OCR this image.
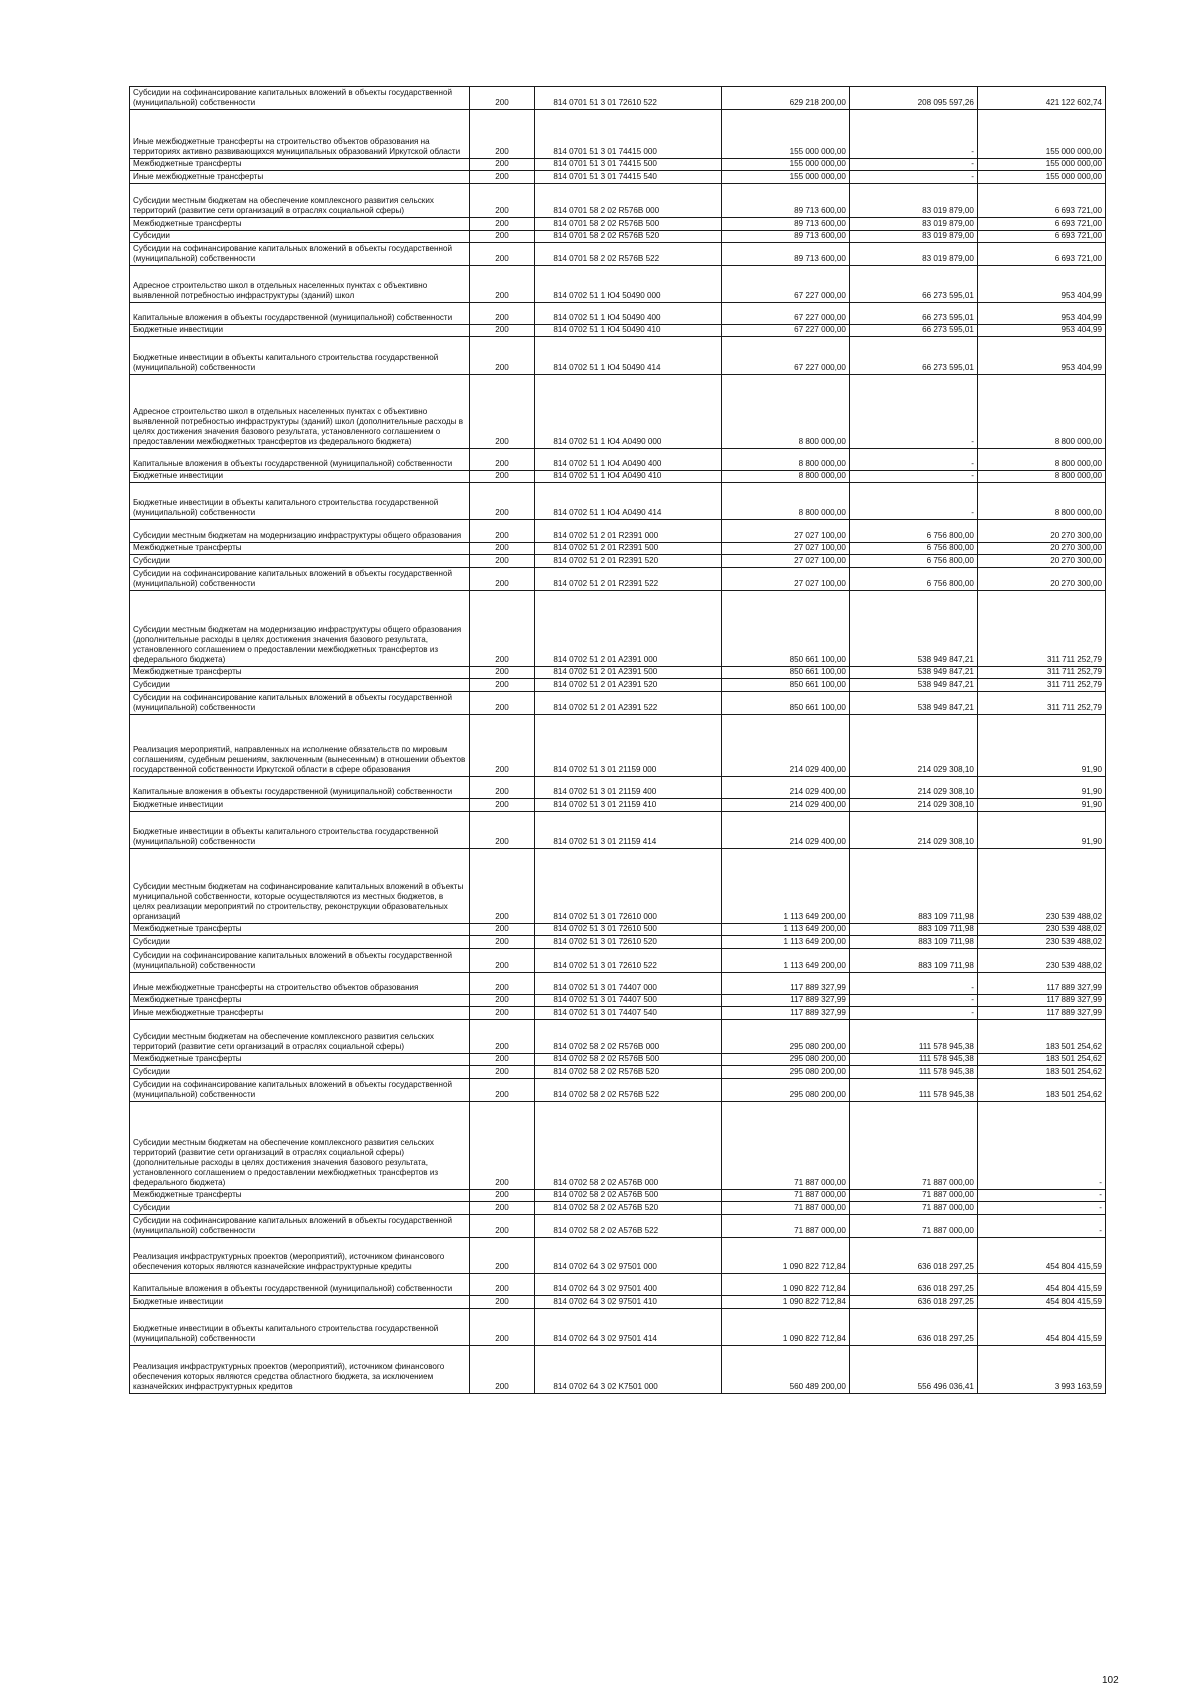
Субсидии на софинансирование капитальных вложений в объекты государственной (муниципальной) собственности	200	814 0701 51 3 01 72610 522	629 218 200,00	208 095 597,26	421 122 602,74
Иные межбюджетные трансферты на строительство объектов образования на территориях активно развивающихся муниципальных образований Иркутской области	200	814 0701 51 3 01 74415 000	155 000 000,00	-	155 000 000,00
Межбюджетные трансферты	200	814 0701 51 3 01 74415 500	155 000 000,00	-	155 000 000,00
Иные межбюджетные трансферты	200	814 0701 51 3 01 74415 540	155 000 000,00	-	155 000 000,00
Субсидии местным бюджетам на обеспечение комплексного развития сельских территорий (развитие сети организаций в отраслях социальной сферы)	200	814 0701 58 2 02 R576B 000	89 713 600,00	83 019 879,00	6 693 721,00
Межбюджетные трансферты	200	814 0701 58 2 02 R576B 500	89 713 600,00	83 019 879,00	6 693 721,00
Субсидии	200	814 0701 58 2 02 R576B 520	89 713 600,00	83 019 879,00	6 693 721,00
Субсидии на софинансирование капитальных вложений в объекты государственной (муниципальной) собственности	200	814 0701 58 2 02 R576B 522	89 713 600,00	83 019 879,00	6 693 721,00
Адресное строительство школ в отдельных населенных пунктах с объективно выявленной потребностью инфраструктуры (зданий) школ	200	814 0702 51 1 Ю4 50490 000	67 227 000,00	66 273 595,01	953 404,99
Капитальные вложения в объекты государственной (муниципальной) собственности	200	814 0702 51 1 Ю4 50490 400	67 227 000,00	66 273 595,01	953 404,99
Бюджетные инвестиции	200	814 0702 51 1 Ю4 50490 410	67 227 000,00	66 273 595,01	953 404,99
Бюджетные инвестиции в объекты капитального строительства государственной (муниципальной) собственности	200	814 0702 51 1 Ю4 50490 414	67 227 000,00	66 273 595,01	953 404,99
Адресное строительство школ в отдельных населенных пунктах с объективно выявленной потребностью инфраструктуры (зданий) школ (дополнительные расходы в целях достижения значения базового результата, установленного соглашением о предоставлении межбюджетных трансфертов из федерального бюджета)	200	814 0702 51 1 Ю4 A0490 000	8 800 000,00	-	8 800 000,00
Капитальные вложения в объекты государственной (муниципальной) собственности	200	814 0702 51 1 Ю4 A0490 400	8 800 000,00	-	8 800 000,00
Бюджетные инвестиции	200	814 0702 51 1 Ю4 A0490 410	8 800 000,00	-	8 800 000,00
Бюджетные инвестиции в объекты капитального строительства государственной (муниципальной) собственности	200	814 0702 51 1 Ю4 A0490 414	8 800 000,00	-	8 800 000,00
Субсидии местным бюджетам на модернизацию инфраструктуры общего образования	200	814 0702 51 2 01 R2391 000	27 027 100,00	6 756 800,00	20 270 300,00
Межбюджетные трансферты	200	814 0702 51 2 01 R2391 500	27 027 100,00	6 756 800,00	20 270 300,00
Субсидии	200	814 0702 51 2 01 R2391 520	27 027 100,00	6 756 800,00	20 270 300,00
Субсидии на софинансирование капитальных вложений в объекты государственной (муниципальной) собственности	200	814 0702 51 2 01 R2391 522	27 027 100,00	6 756 800,00	20 270 300,00
Субсидии местным бюджетам на модернизацию инфраструктуры общего образования (дополнительные расходы в целях достижения значения базового результата, установленного соглашением о предоставлении межбюджетных трансфертов из федерального бюджета)	200	814 0702 51 2 01 A2391 000	850 661 100,00	538 949 847,21	311 711 252,79
Межбюджетные трансферты	200	814 0702 51 2 01 A2391 500	850 661 100,00	538 949 847,21	311 711 252,79
Субсидии	200	814 0702 51 2 01 A2391 520	850 661 100,00	538 949 847,21	311 711 252,79
Субсидии на софинансирование капитальных вложений в объекты государственной (муниципальной) собственности	200	814 0702 51 2 01 A2391 522	850 661 100,00	538 949 847,21	311 711 252,79
Реализация мероприятий, направленных на исполнение обязательств по мировым соглашениям, судебным решениям, заключенным (вынесенным) в отношении объектов государственной собственности Иркутской области в сфере образования	200	814 0702 51 3 01 21159 000	214 029 400,00	214 029 308,10	91,90
Капитальные вложения в объекты государственной (муниципальной) собственности	200	814 0702 51 3 01 21159 400	214 029 400,00	214 029 308,10	91,90
Бюджетные инвестиции	200	814 0702 51 3 01 21159 410	214 029 400,00	214 029 308,10	91,90
Бюджетные инвестиции в объекты капитального строительства государственной (муниципальной) собственности	200	814 0702 51 3 01 21159 414	214 029 400,00	214 029 308,10	91,90
Субсидии местным бюджетам на софинансирование капитальных вложений в объекты муниципальной собственности, которые осуществляются из местных бюджетов, в целях реализации мероприятий по строительству, реконструкции образовательных организаций	200	814 0702 51 3 01 72610 000	1 113 649 200,00	883 109 711,98	230 539 488,02
Межбюджетные трансферты	200	814 0702 51 3 01 72610 500	1 113 649 200,00	883 109 711,98	230 539 488,02
Субсидии	200	814 0702 51 3 01 72610 520	1 113 649 200,00	883 109 711,98	230 539 488,02
Субсидии на софинансирование капитальных вложений в объекты государственной (муниципальной) собственности	200	814 0702 51 3 01 72610 522	1 113 649 200,00	883 109 711,98	230 539 488,02
Иные межбюджетные трансферты на строительство объектов образования	200	814 0702 51 3 01 74407 000	117 889 327,99	-	117 889 327,99
Межбюджетные трансферты	200	814 0702 51 3 01 74407 500	117 889 327,99	-	117 889 327,99
Иные межбюджетные трансферты	200	814 0702 51 3 01 74407 540	117 889 327,99	-	117 889 327,99
Субсидии местным бюджетам на обеспечение комплексного развития сельских территорий (развитие сети организаций в отраслях социальной сферы)	200	814 0702 58 2 02 R576B 000	295 080 200,00	111 578 945,38	183 501 254,62
Межбюджетные трансферты	200	814 0702 58 2 02 R576B 500	295 080 200,00	111 578 945,38	183 501 254,62
Субсидии	200	814 0702 58 2 02 R576B 520	295 080 200,00	111 578 945,38	183 501 254,62
Субсидии на софинансирование капитальных вложений в объекты государственной (муниципальной) собственности	200	814 0702 58 2 02 R576B 522	295 080 200,00	111 578 945,38	183 501 254,62
Субсидии местным бюджетам на обеспечение комплексного развития сельских территорий (развитие сети организаций в отраслях социальной сферы) (дополнительные расходы в целях достижения значения базового результата, установленного соглашением о предоставлении межбюджетных трансфертов из федерального бюджета)	200	814 0702 58 2 02 A576B 000	71 887 000,00	71 887 000,00	-
Межбюджетные трансферты	200	814 0702 58 2 02 A576B 500	71 887 000,00	71 887 000,00	-
Субсидии	200	814 0702 58 2 02 A576B 520	71 887 000,00	71 887 000,00	-
Субсидии на софинансирование капитальных вложений в объекты государственной (муниципальной) собственности	200	814 0702 58 2 02 A576B 522	71 887 000,00	71 887 000,00	-
Реализация инфраструктурных проектов (мероприятий), источником финансового обеспечения которых являются казначейские инфраструктурные кредиты	200	814 0702 64 3 02 97501 000	1 090 822 712,84	636 018 297,25	454 804 415,59
Капитальные вложения в объекты государственной (муниципальной) собственности	200	814 0702 64 3 02 97501 400	1 090 822 712,84	636 018 297,25	454 804 415,59
Бюджетные инвестиции	200	814 0702 64 3 02 97501 410	1 090 822 712,84	636 018 297,25	454 804 415,59
Бюджетные инвестиции в объекты капитального строительства государственной (муниципальной) собственности	200	814 0702 64 3 02 97501 414	1 090 822 712,84	636 018 297,25	454 804 415,59
Реализация инфраструктурных проектов (мероприятий), источником финансового обеспечения которых являются средства областного бюджета, за исключением казначейских инфраструктурных кредитов	200	814 0702 64 3 02 K7501 000	560 489 200,00	556 496 036,41	3 993 163,59
102
